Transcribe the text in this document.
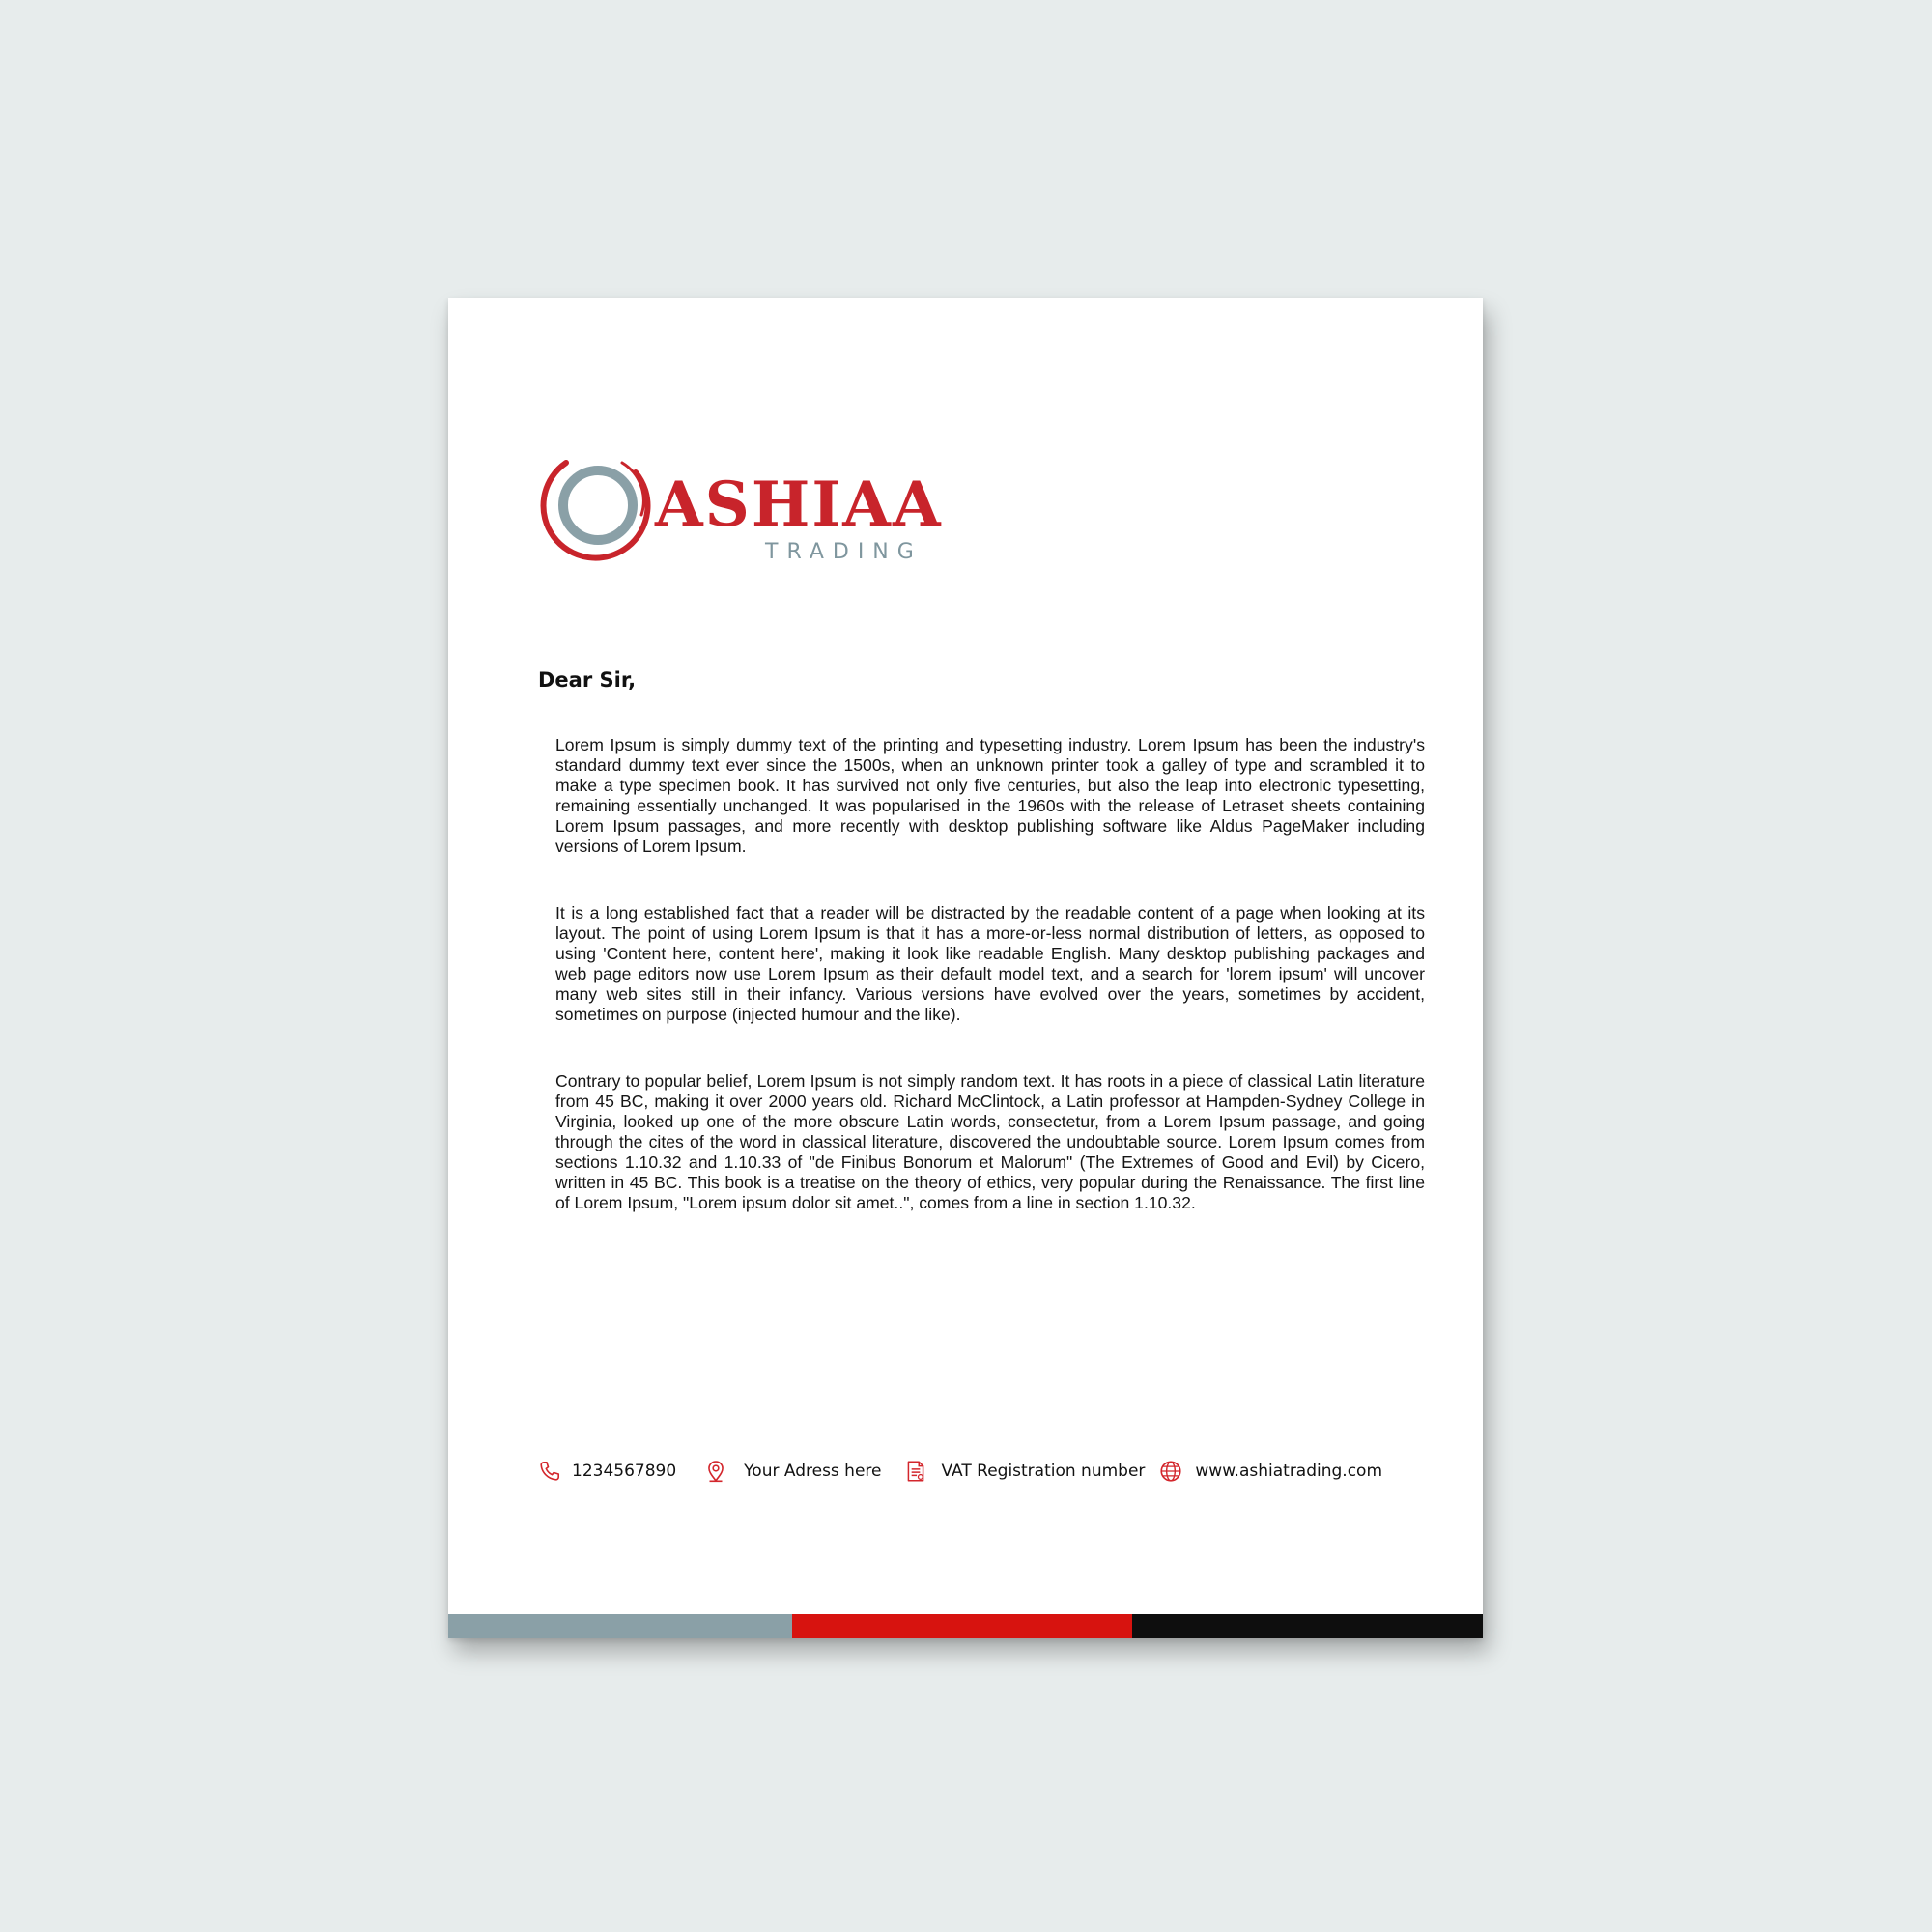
ASHIAA
TRADING
Dear Sir,

Lorem Ipsum is simply dummy text of the printing and typesetting industry. Lorem Ipsum has been the industry's standard dummy text ever since the 1500s, when an unknown printer took a galley of type and scrambled it to make a type specimen book. It has survived not only five centuries, but also the leap into electronic typesetting, remaining essentially unchanged. It was popularised in the 1960s with the release of Letraset sheets containing Lorem Ipsum passages, and more recently with desktop publishing software like Aldus PageMaker including versions of Lorem Ipsum.

It is a long established fact that a reader will be distracted by the readable content of a page when looking at its layout. The point of using Lorem Ipsum is that it has a more-or-less normal distribution of letters, as opposed to using 'Content here, content here', making it look like readable English. Many desktop publishing packages and web page editors now use Lorem Ipsum as their default model text, and a search for 'lorem ipsum' will uncover many web sites still in their infancy. Various versions have evolved over the years, sometimes by accident, sometimes on purpose (injected humour and the like).

Contrary to popular belief, Lorem Ipsum is not simply random text. It has roots in a piece of classical Latin literature from 45 BC, making it over 2000 years old. Richard McClintock, a Latin professor at Hampden-Sydney College in Virginia, looked up one of the more obscure Latin words, consectetur, from a Lorem Ipsum passage, and going through the cites of the word in classical literature, discovered the undoubtable source. Lorem Ipsum comes from sections 1.10.32 and 1.10.33 of "de Finibus Bonorum et Malorum" (The Extremes of Good and Evil) by Cicero, written in 45 BC. This book is a treatise on the theory of ethics, very popular during the Renaissance. The first line of Lorem Ipsum, "Lorem ipsum dolor sit amet..", comes from a line in section 1.10.32.

1234567890	Your Adress here	VAT Registration number	www.ashiatrading.com
